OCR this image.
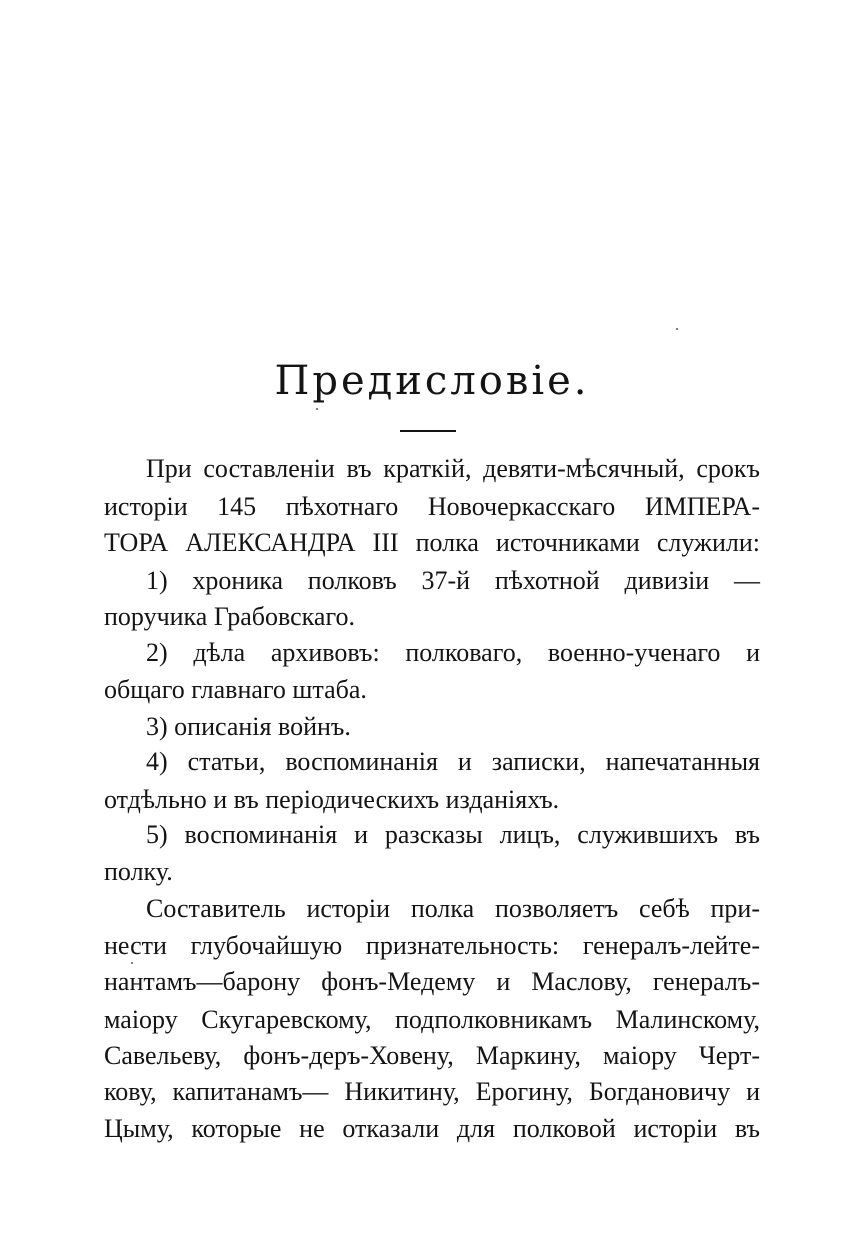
Предисловіе.
При составленіи въ краткій, девяти-мѣсячный, срокъ
исторіи 145 пѣхотнаго Новочеркасскаго ИМПЕРА-
ТОРА АЛЕКСАНДРА III полка источниками служили:
1) хроника полковъ 37-й пѣхотной дивизіи —
поручика Грабовскаго.
2) дѣла архивовъ: полковаго, военно-ученаго и
общаго главнаго штаба.
3) описанія войнъ.
4) статьи, воспоминанія и записки, напечатанныя
отдѣльно и въ періодическихъ изданіяхъ.
5) воспоминанія и разсказы лицъ, служившихъ въ
полку.
Составитель исторіи полка позволяетъ себѣ при-
нести глубочайшую признательность: генералъ-лейте-
нантамъ—барону фонъ-Медему и Маслову, генералъ-
маіору Скугаревскому, подполковникамъ Малинскому,
Савельеву, фонъ-деръ-Ховену, Маркину, маіору Черт-
кову, капитанамъ— Никитину, Ерогину, Богдановичу и
Цыму, которые не отказали для полковой исторіи въ
